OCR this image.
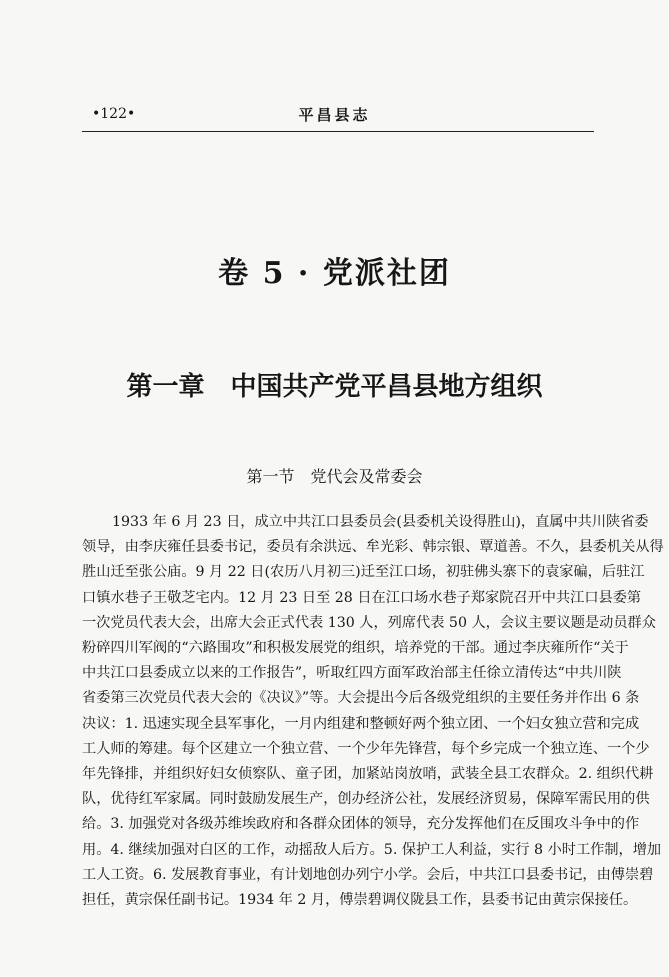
•122•	平昌县志
卷 5 · 党派社团
第一章　中国共产党平昌县地方组织
第一节　党代会及常委会
1933 年 6 月 23 日，成立中共江口县委员会(县委机关设得胜山)，直属中共川陕省委
领导，由李庆雍任县委书记，委员有余洪远、牟光彩、韩宗银、覃道善。不久，县委机关从得
胜山迁至张公庙。9 月 22 日(农历八月初三)迁至江口场，初驻佛头寨下的袁家碥，后驻江
口镇水巷子王敬芝宅内。12 月 23 日至 28 日在江口场水巷子郑家院召开中共江口县委第
一次党员代表大会，出席大会正式代表 130 人，列席代表 50 人，会议主要议题是动员群众
粉碎四川军阀的“六路围攻”和积极发展党的组织，培养党的干部。通过李庆雍所作“关于
中共江口县委成立以来的工作报告”，听取红四方面军政治部主任徐立清传达“中共川陕
省委第三次党员代表大会的《决议》”等。大会提出今后各级党组织的主要任务并作出 6 条
决议：1. 迅速实现全县军事化，一月内组建和整顿好两个独立团、一个妇女独立营和完成
工人师的筹建。每个区建立一个独立营、一个少年先锋营，每个乡完成一个独立连、一个少
年先锋排，并组织好妇女侦察队、童子团，加紧站岗放哨，武装全县工农群众。2. 组织代耕
队，优待红军家属。同时鼓励发展生产，创办经济公社，发展经济贸易，保障军需民用的供
给。3. 加强党对各级苏维埃政府和各群众团体的领导，充分发挥他们在反围攻斗争中的作
用。4. 继续加强对白区的工作，动摇敌人后方。5. 保护工人利益，实行 8 小时工作制，增加
工人工资。6. 发展教育事业，有计划地创办列宁小学。会后，中共江口县委书记，由傅崇碧
担任，黄宗保任副书记。1934 年 2 月，傅崇碧调仪陇县工作，县委书记由黄宗保接任。
